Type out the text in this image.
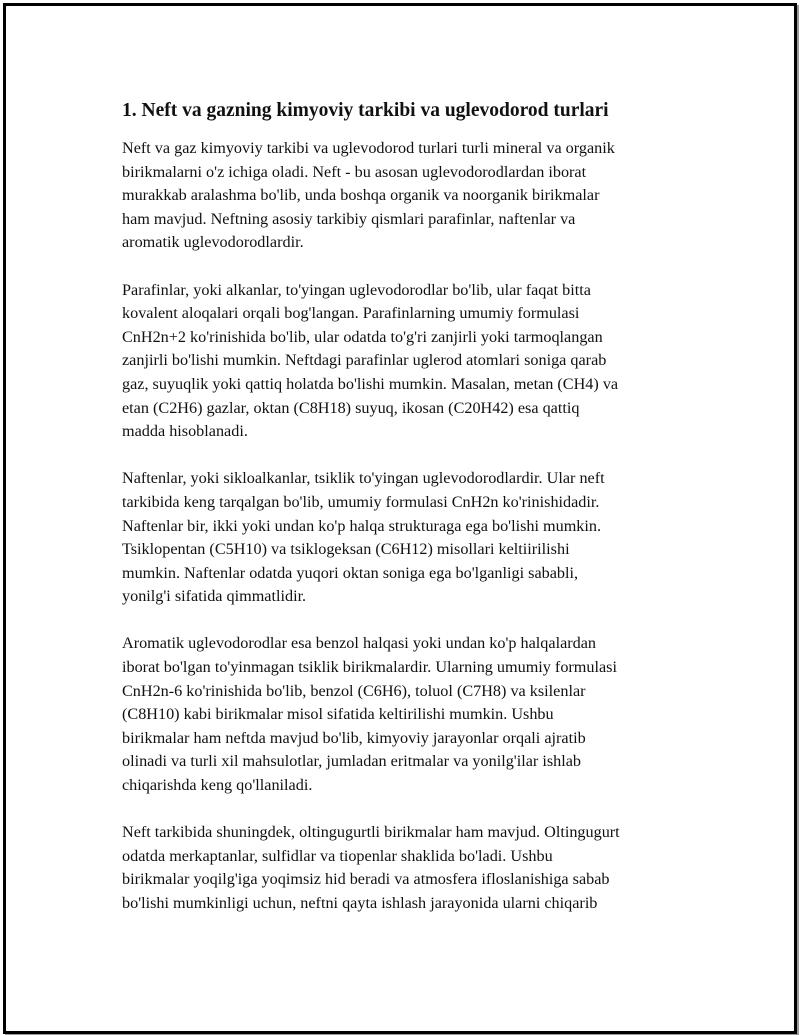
1. Neft va gazning kimyoviy tarkibi va uglevodorod turlari

Neft va gaz kimyoviy tarkibi va uglevodorod turlari turli mineral va organik
birikmalarni o'z ichiga oladi. Neft - bu asosan uglevodorodlardan iborat
murakkab aralashma bo'lib, unda boshqa organik va noorganik birikmalar
ham mavjud. Neftning asosiy tarkibiy qismlari parafinlar, naftenlar va
aromatik uglevodorodlardir.

Parafinlar, yoki alkanlar, to'yingan uglevodorodlar bo'lib, ular faqat bitta
kovalent aloqalari orqali bog'langan. Parafinlarning umumiy formulasi
CnH2n+2 ko'rinishida bo'lib, ular odatda to'g'ri zanjirli yoki tarmoqlangan
zanjirli bo'lishi mumkin. Neftdagi parafinlar uglerod atomlari soniga qarab
gaz, suyuqlik yoki qattiq holatda bo'lishi mumkin. Masalan, metan (CH4) va
etan (C2H6) gazlar, oktan (C8H18) suyuq, ikosan (C20H42) esa qattiq
madda hisoblanadi.

Naftenlar, yoki sikloalkanlar, tsiklik to'yingan uglevodorodlardir. Ular neft
tarkibida keng tarqalgan bo'lib, umumiy formulasi CnH2n ko'rinishidadir.
Naftenlar bir, ikki yoki undan ko'p halqa strukturaga ega bo'lishi mumkin.
Tsiklopentan (C5H10) va tsiklogeksan (C6H12) misollari keltiirilishi
mumkin. Naftenlar odatda yuqori oktan soniga ega bo'lganligi sababli,
yonilg'i sifatida qimmatlidir.

Aromatik uglevodorodlar esa benzol halqasi yoki undan ko'p halqalardan
iborat bo'lgan to'yinmagan tsiklik birikmalardir. Ularning umumiy formulasi
CnH2n-6 ko'rinishida bo'lib, benzol (C6H6), toluol (C7H8) va ksilenlar
(C8H10) kabi birikmalar misol sifatida keltirilishi mumkin. Ushbu
birikmalar ham neftda mavjud bo'lib, kimyoviy jarayonlar orqali ajratib
olinadi va turli xil mahsulotlar, jumladan eritmalar va yonilg'ilar ishlab
chiqarishda keng qo'llaniladi.

Neft tarkibida shuningdek, oltingugurtli birikmalar ham mavjud. Oltingugurt
odatda merkaptanlar, sulfidlar va tiopenlar shaklida bo'ladi. Ushbu
birikmalar yoqilg'iga yoqimsiz hid beradi va atmosfera ifloslanishiga sabab
bo'lishi mumkinligi uchun, neftni qayta ishlash jarayonida ularni chiqarib
